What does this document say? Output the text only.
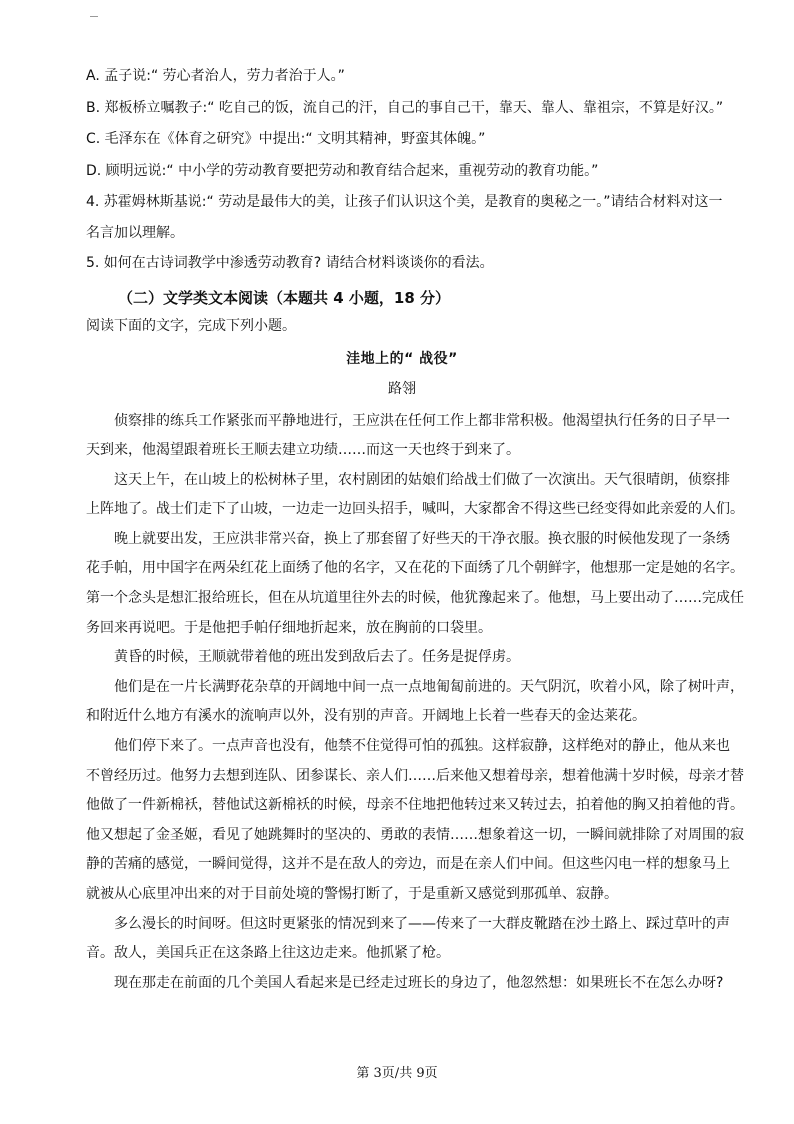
A. 孟子说:“ 劳心者治人，劳力者治于人。”

B. 郑板桥立嘱教子:“ 吃自己的饭，流自己的汗，自己的事自己干，靠天、靠人、靠祖宗，不算是好汉。”

C. 毛泽东在《体育之研究》中提出:“ 文明其精神，野蛮其体魄。”

D. 顾明远说:“ 中小学的劳动教育要把劳动和教育结合起来，重视劳动的教育功能。”

4. 苏霍姆林斯基说:“ 劳动是最伟大的美，让孩子们认识这个美，是教育的奥秘之一。”请结合材料对这一

名言加以理解。

5. 如何在古诗词教学中渗透劳动教育? 请结合材料谈谈你的看法。

（二）文学类文本阅读（本题共 4 小题，18 分）

阅读下面的文字，完成下列小题。

洼地上的“ 战役”

路翎

侦察排的练兵工作紧张而平静地进行，王应洪在任何工作上都非常积极。他渴望执行任务的日子早一
天到来，他渴望跟着班长王顺去建立功绩……而这一天也终于到来了。

这天上午，在山坡上的松树林子里，农村剧团的姑娘们给战士们做了一次演出。天气很晴朗，侦察排
上阵地了。战士们走下了山坡，一边走一边回头招手，喊叫，大家都舍不得这些已经变得如此亲爱的人们。

晚上就要出发，王应洪非常兴奋，换上了那套留了好些天的干净衣服。换衣服的时候他发现了一条绣
花手帕，用中国字在两朵红花上面绣了他的名字，又在花的下面绣了几个朝鲜字，他想那一定是她的名字。
第一个念头是想汇报给班长，但在从坑道里往外去的时候，他犹豫起来了。他想，马上要出动了……完成任
务回来再说吧。于是他把手帕仔细地折起来，放在胸前的口袋里。

黄昏的时候，王顺就带着他的班出发到敌后去了。任务是捉俘虏。

他们是在一片长满野花杂草的开阔地中间一点一点地匍匐前进的。天气阴沉，吹着小风，除了树叶声，
和附近什么地方有溪水的流响声以外，没有别的声音。开阔地上长着一些春天的金达莱花。

他们停下来了。一点声音也没有，他禁不住觉得可怕的孤独。这样寂静，这样绝对的静止，他从来也
不曾经历过。他努力去想到连队、团参谋长、亲人们……后来他又想着母亲，想着他满十岁时候，母亲才替
他做了一件新棉袄，替他试这新棉袄的时候，母亲不住地把他转过来又转过去，拍着他的胸又拍着他的背。
他又想起了金圣姬，看见了她跳舞时的坚决的、勇敢的表情……想象着这一切，一瞬间就排除了对周围的寂
静的苦痛的感觉，一瞬间觉得，这并不是在敌人的旁边，而是在亲人们中间。但这些闪电一样的想象马上
就被从心底里冲出来的对于目前处境的警惕打断了，于是重新又感觉到那孤单、寂静。

多么漫长的时间呀。但这时更紧张的情况到来了——传来了一大群皮靴踏在沙土路上、踩过草叶的声
音。敌人，美国兵正在这条路上往这边走来。他抓紧了枪。

现在那走在前面的几个美国人看起来是已经走过班长的身边了，他忽然想：如果班长不在怎么办呀?

第 3页/共 9页
